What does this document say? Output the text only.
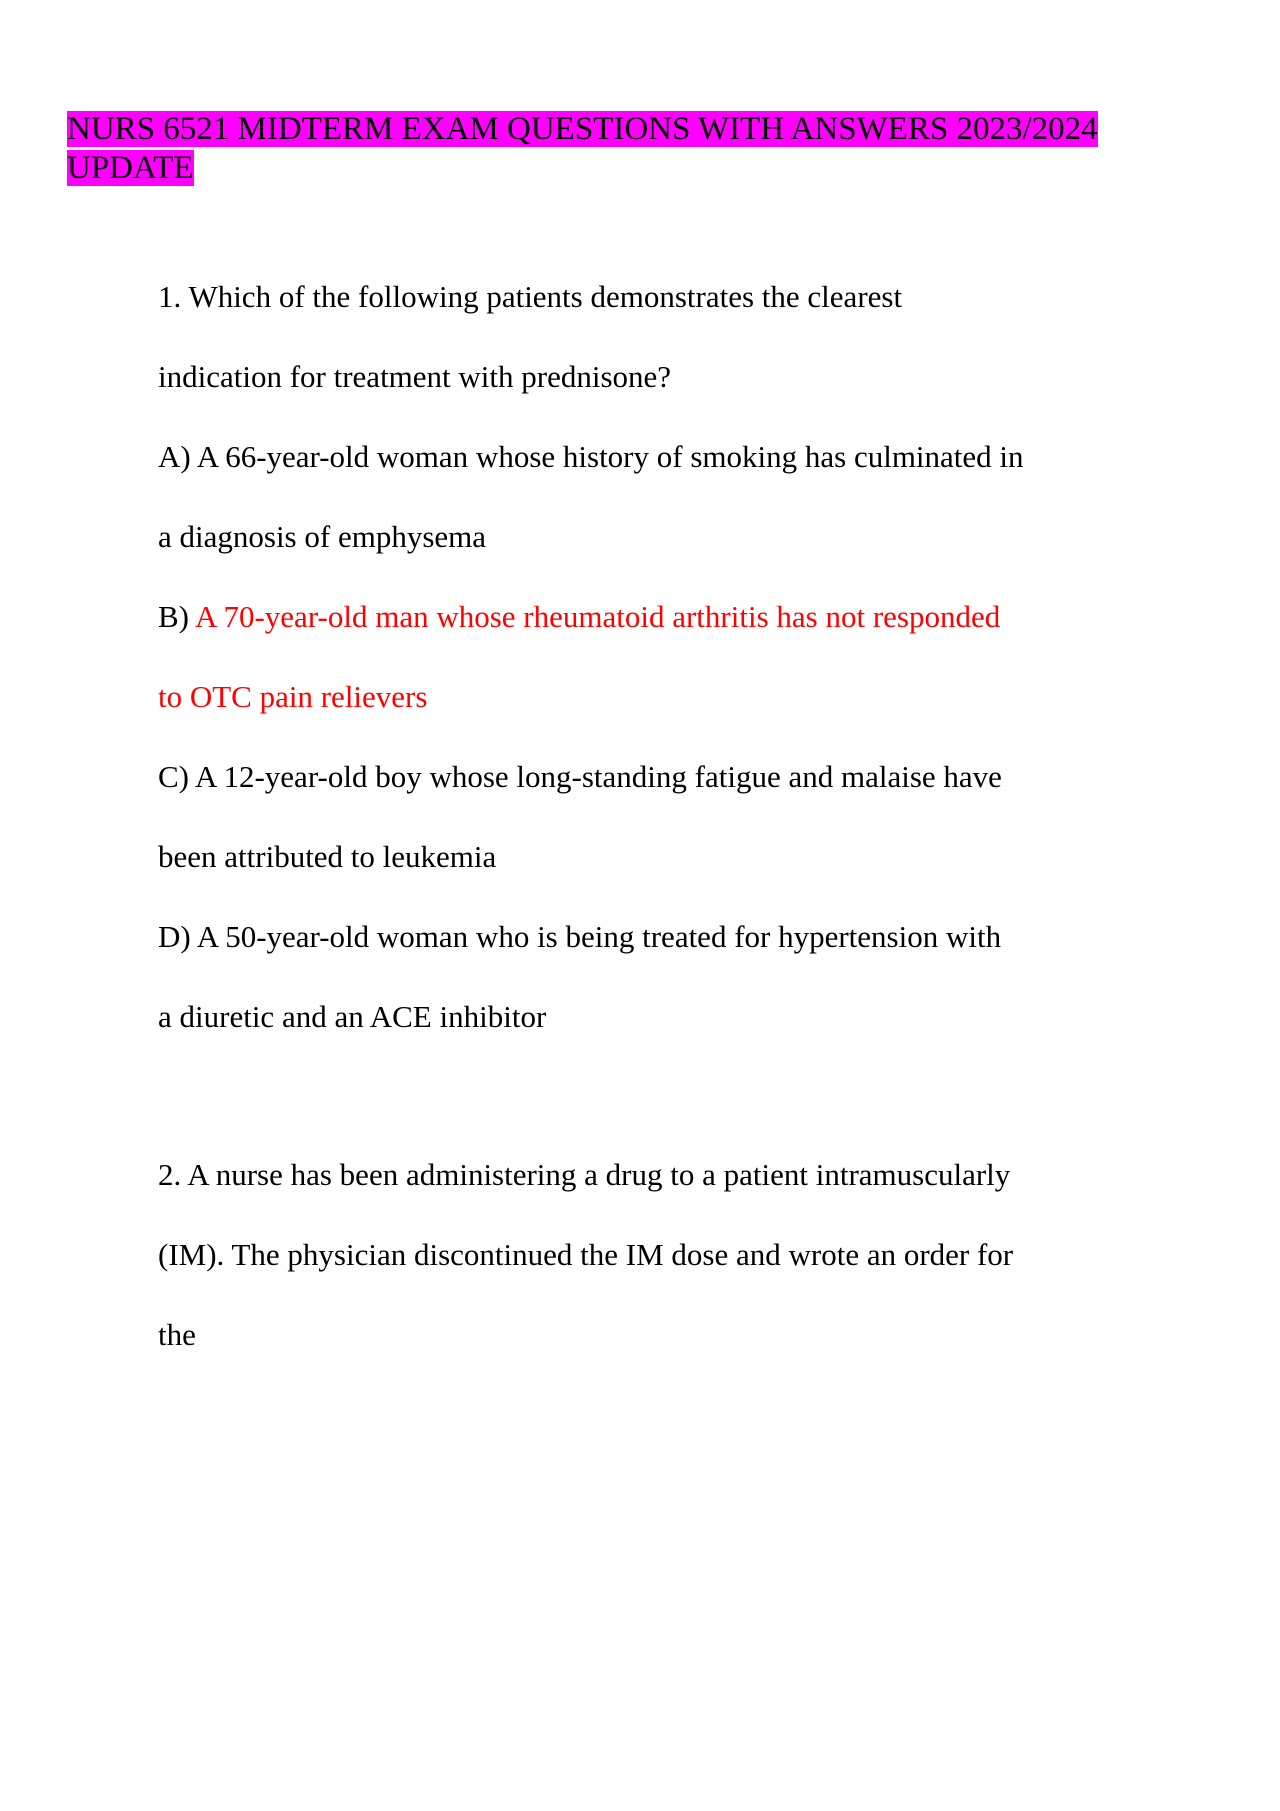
NURS 6521 MIDTERM EXAM QUESTIONS WITH ANSWERS 2023/2024
UPDATE
1. Which of the following patients demonstrates the clearest
indication for treatment with prednisone?
A) A 66-year-old woman whose history of smoking has culminated in
a diagnosis of emphysema
B) A 70-year-old man whose rheumatoid arthritis has not responded
to OTC pain relievers
C) A 12-year-old boy whose long-standing fatigue and malaise have
been attributed to leukemia
D) A 50-year-old woman who is being treated for hypertension with
a diuretic and an ACE inhibitor
2. A nurse has been administering a drug to a patient intramuscularly
(IM). The physician discontinued the IM dose and wrote an order for
the
